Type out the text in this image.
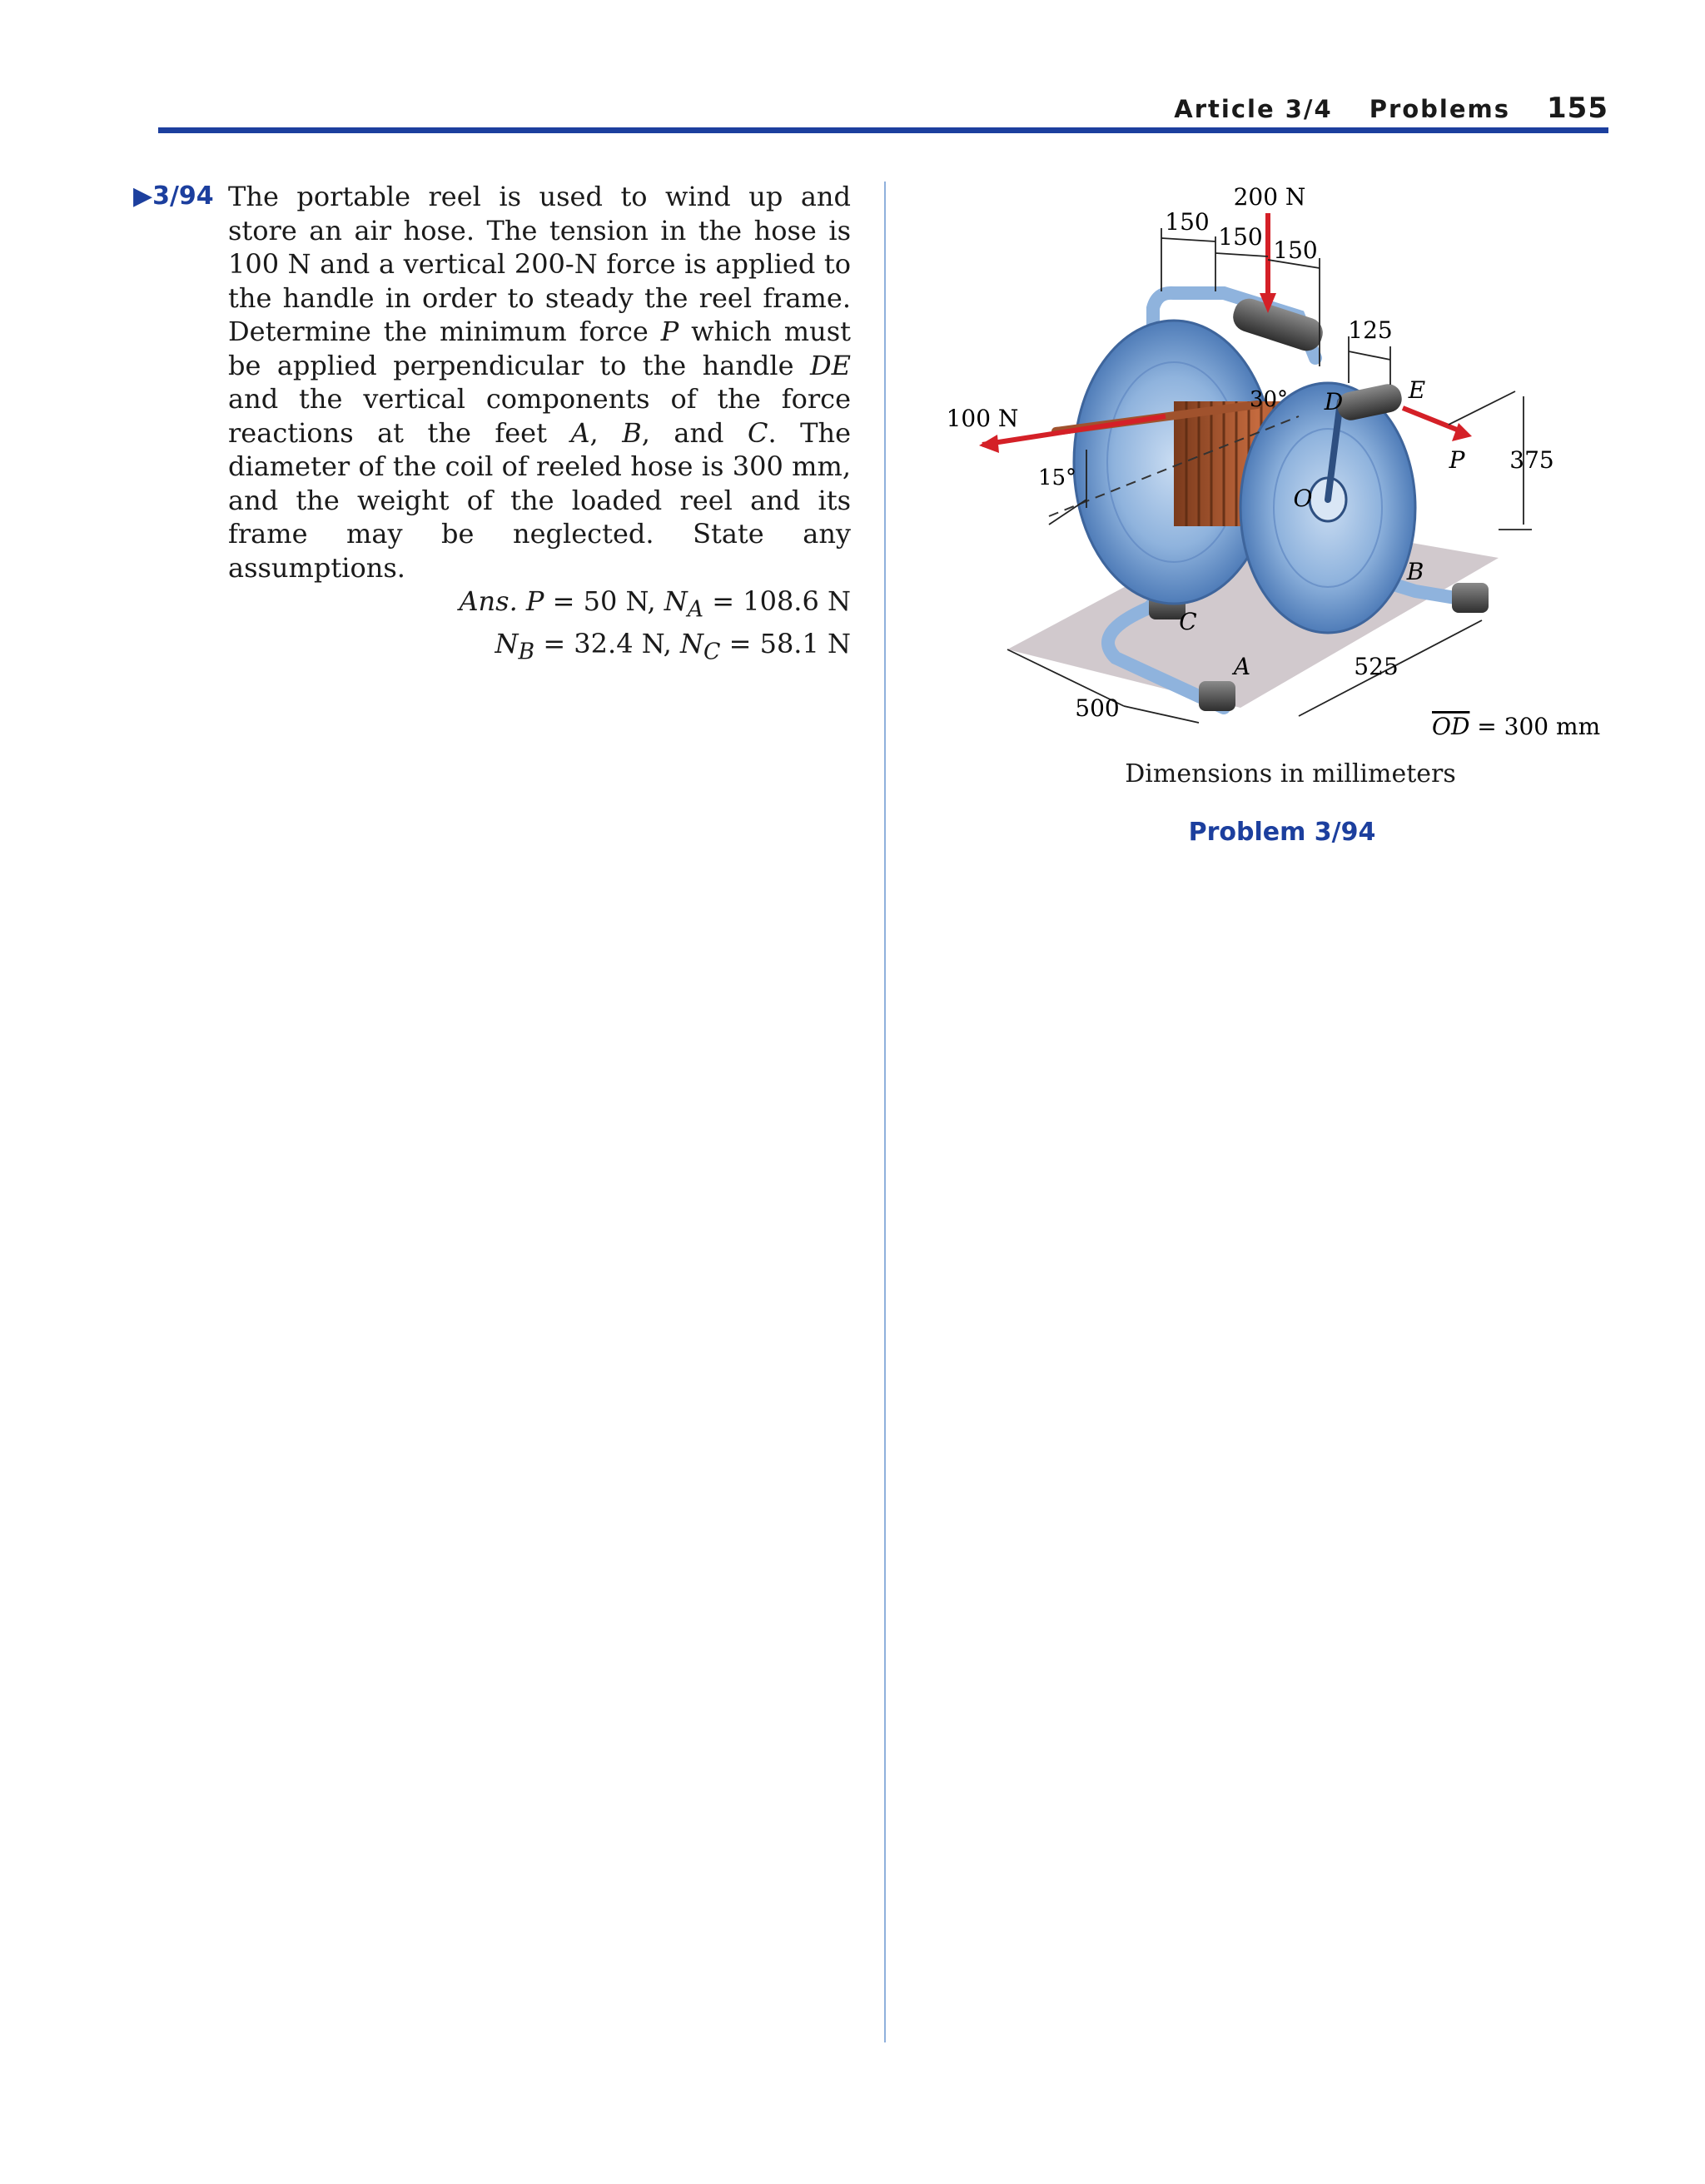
Article 3/4 Problems 155
▶3/94 The portable reel is used to wind up and store an air hose. The tension in the hose is 100 N and a vertical 200-N force is applied to the handle in order to steady the reel frame. Determine the minimum force P which must be applied perpendicular to the handle DE and the vertical components of the force reactions at the feet A, B, and C. The diameter of the coil of reeled hose is 300 mm, and the weight of the loaded reel and its frame may be neglected. State any assumptions.
Ans. P = 50 N, $N_A = 108.6$ N
$N_B = 32.4$ N, $N_C = 58.1$ N
200 N
150
150 150
125
100 N
30°
15°
D	E
P 375
O
B
C
A	525
500
OD = 300 mm
Dimensions in millimeters
Problem 3/94
